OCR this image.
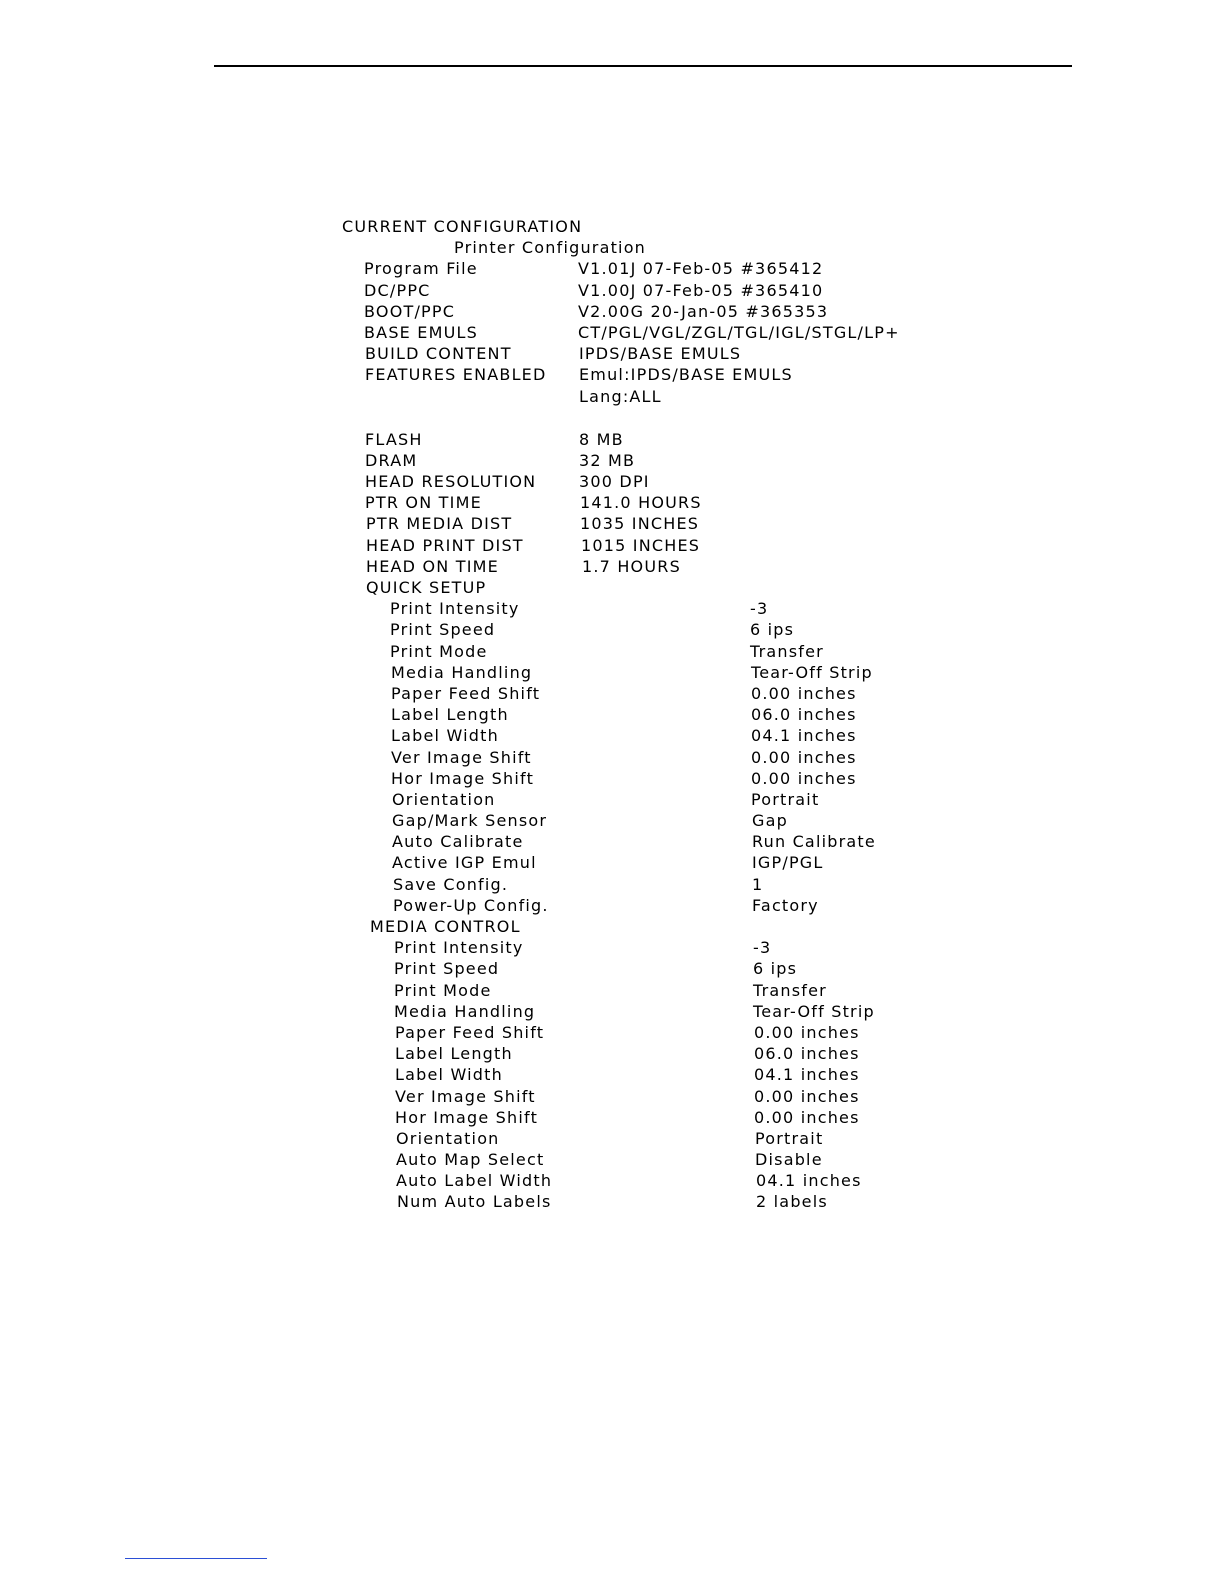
CURRENT CONFIGURATION
Printer Configuration
Program File	V1.01J 07-Feb-05 #365412
DC/PPC	V1.00J 07-Feb-05 #365410
BOOT/PPC	V2.00G 20-Jan-05 #365353
BASE EMULS	CT/PGL/VGL/ZGL/TGL/IGL/STGL/LP+
BUILD CONTENT	IPDS/BASE EMULS
FEATURES ENABLED Emul:IPDS/BASE EMULS
Lang:ALL
FLASH	8 MB
DRAM	32 MB
HEAD RESOLUTION	300 DPI
PTR ON TIME	141.0 HOURS
PTR MEDIA DIST	1035 INCHES
HEAD PRINT DIST	1015 INCHES
HEAD ON TIME	1.7 HOURS
QUICK SETUP
Print Intensity	-3
Print Speed	6 ips
Print Mode	Transfer
Media Handling	Tear-Off Strip
Paper Feed Shift	0.00 inches
Label Length	06.0 inches
Label Width	04.1 inches
Ver Image Shift	0.00 inches
Hor Image Shift	0.00 inches
Orientation	Portrait
Gap/Mark Sensor	Gap
Auto Calibrate	Run Calibrate
Active IGP Emul	IGP/PGL
Save Config.	1
Power-Up Config.	Factory
MEDIA CONTROL
Print Intensity	-3
Print Speed	6 ips
Print Mode	Transfer
Media Handling	Tear-Off Strip
Paper Feed Shift	0.00 inches
Label Length	06.0 inches
Label Width	04.1 inches
Ver Image Shift	0.00 inches
Hor Image Shift	0.00 inches
Orientation	Portrait
Auto Map Select	Disable
Auto Label Width	04.1 inches
Num Auto Labels	2 labels
